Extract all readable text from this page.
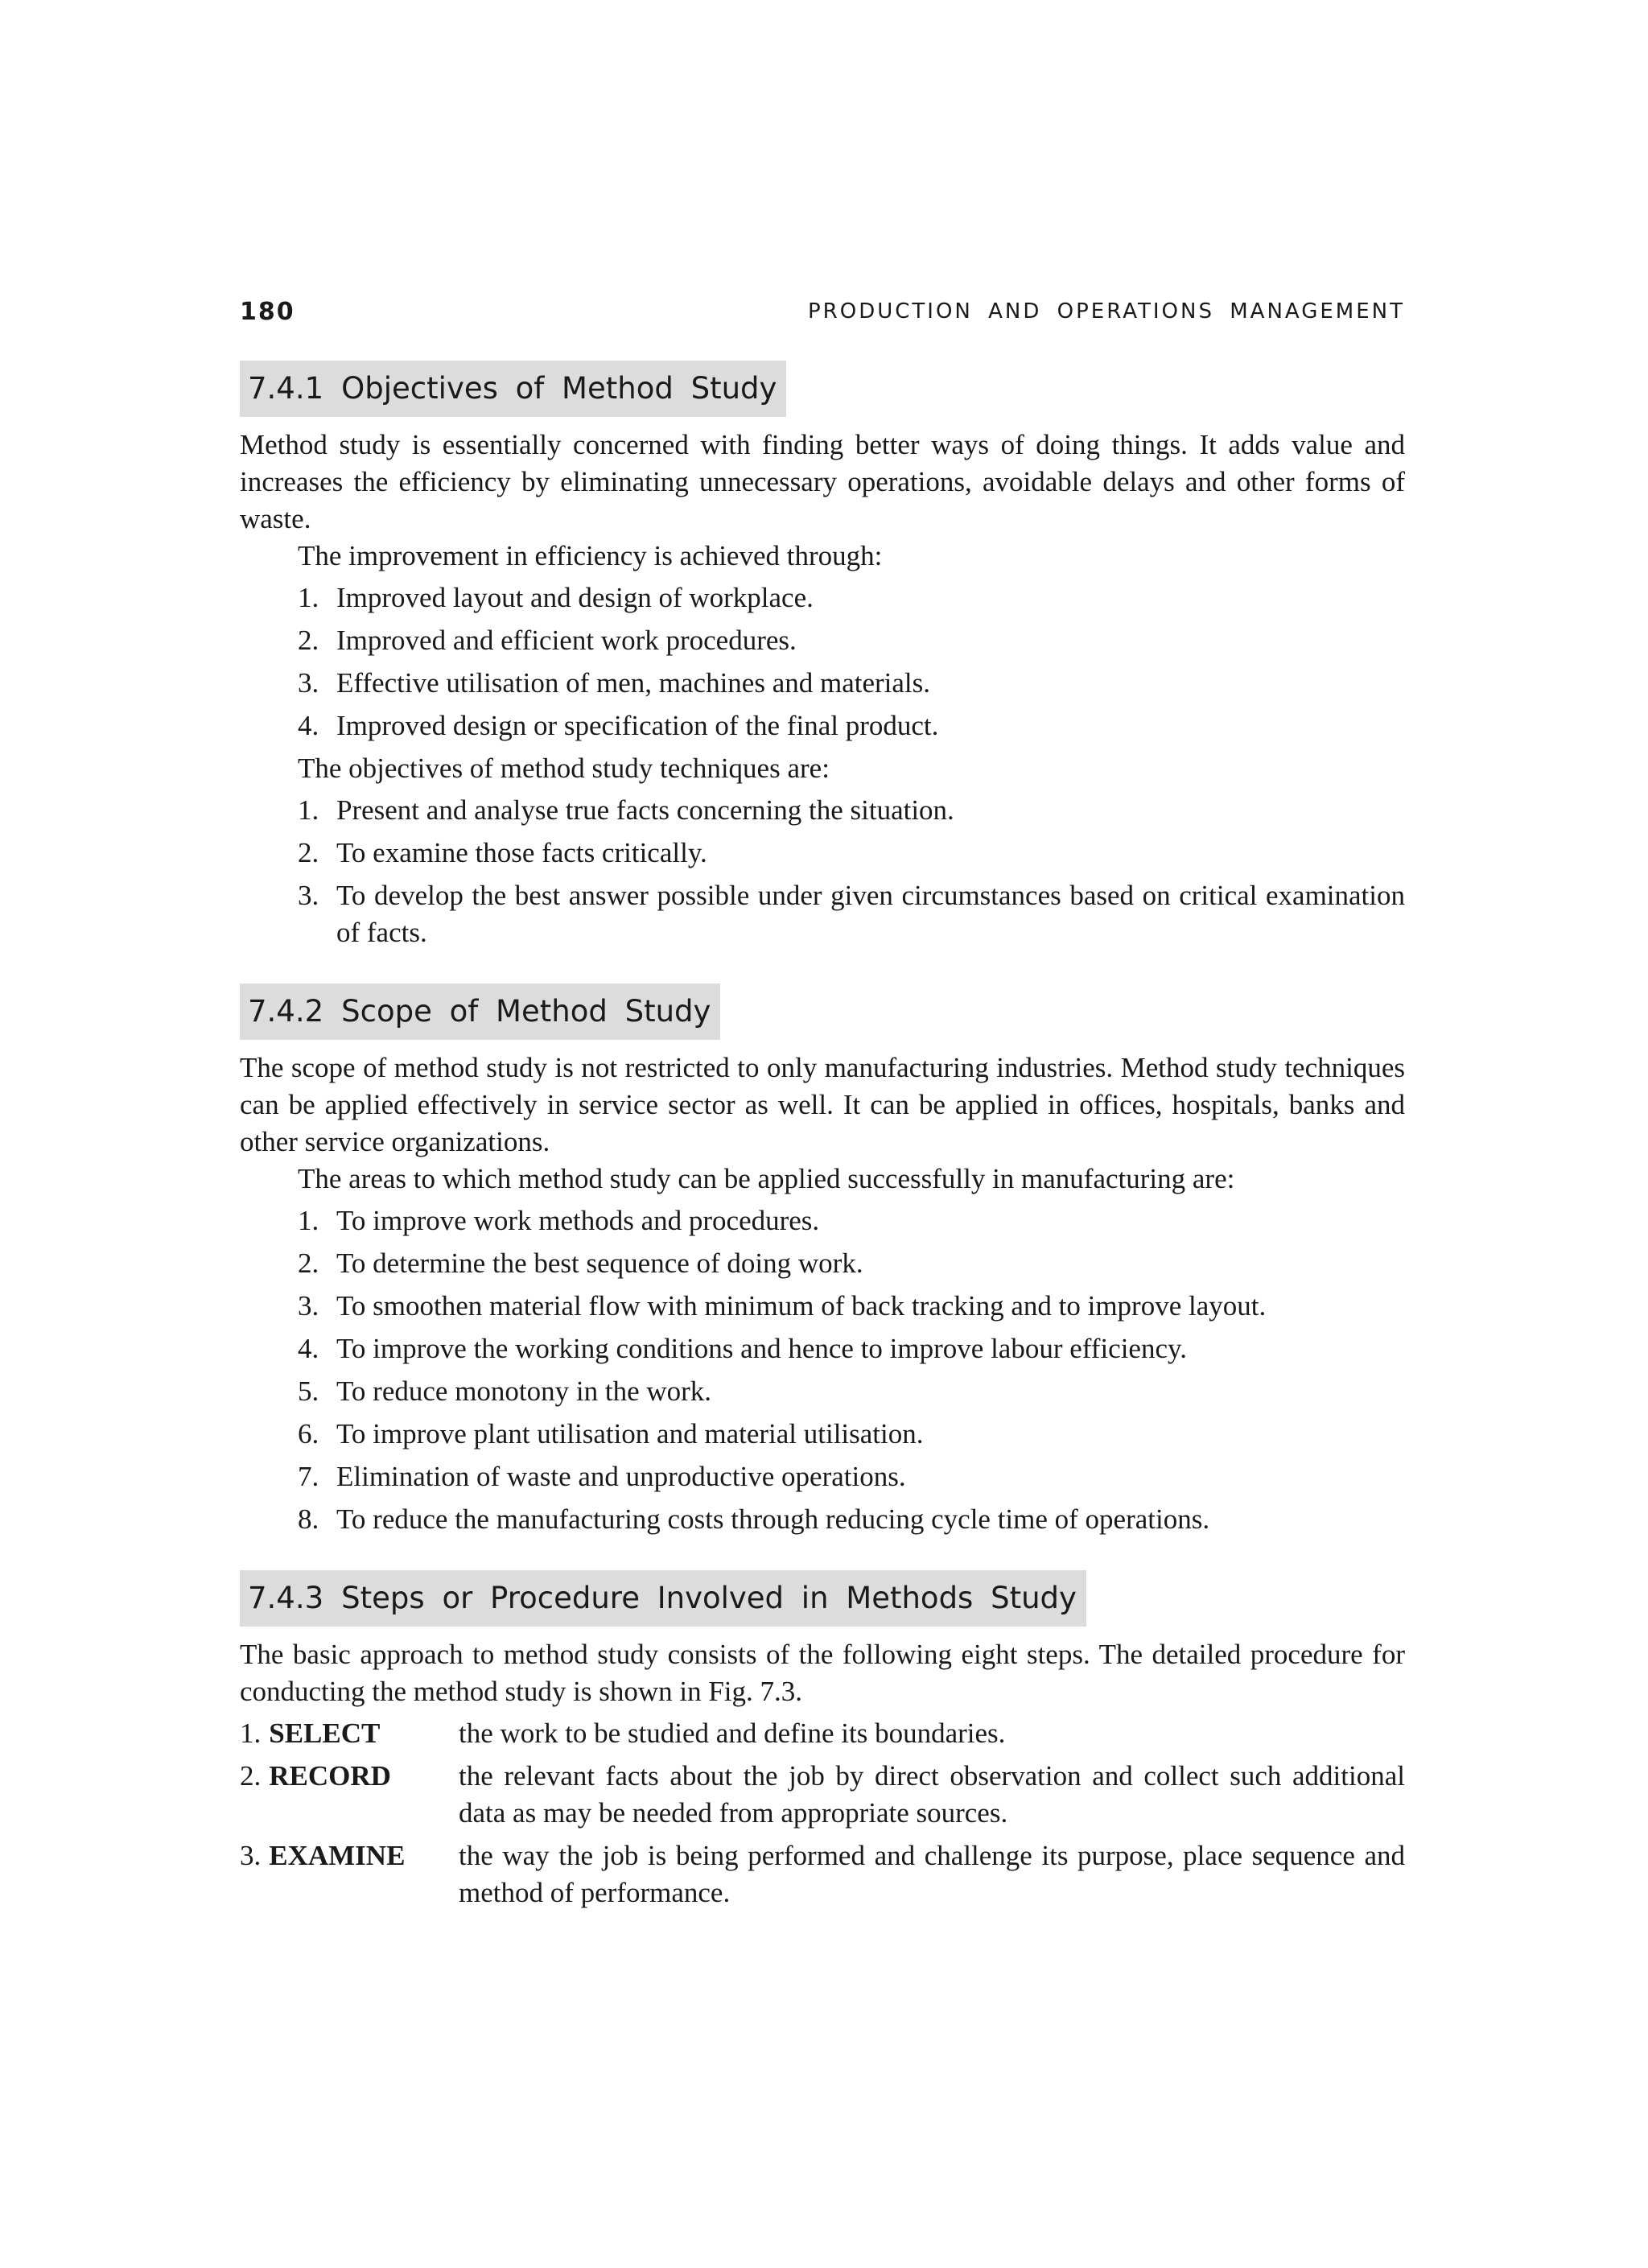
180	PRODUCTION AND OPERATIONS MANAGEMENT
7.4.1 Objectives of Method Study

Method study is essentially concerned with finding better ways of doing things. It adds value and increases the efficiency by eliminating unnecessary operations, avoidable delays and other forms of waste.

The improvement in efficiency is achieved through:

1. Improved layout and design of workplace.
2. Improved and efficient work procedures.
3. Effective utilisation of men, machines and materials.
4. Improved design or specification of the final product.

The objectives of method study techniques are:

1. Present and analyse true facts concerning the situation.
2. To examine those facts critically.
3. To develop the best answer possible under given circumstances based on critical examination of facts.
7.4.2 Scope of Method Study

The scope of method study is not restricted to only manufacturing industries. Method study techniques can be applied effectively in service sector as well. It can be applied in offices, hospitals, banks and other service organizations.

The areas to which method study can be applied successfully in manufacturing are:

1. To improve work methods and procedures.
2. To determine the best sequence of doing work.
3. To smoothen material flow with minimum of back tracking and to improve layout.
4. To improve the working conditions and hence to improve labour efficiency.
5. To reduce monotony in the work.
6. To improve plant utilisation and material utilisation.
7. Elimination of waste and unproductive operations.
8. To reduce the manufacturing costs through reducing cycle time of operations.
7.4.3 Steps or Procedure Involved in Methods Study

The basic approach to method study consists of the following eight steps. The detailed procedure for conducting the method study is shown in Fig. 7.3.

1. SELECT	the work to be studied and define its boundaries.
2. RECORD the relevant facts about the job by direct observation and collect such additional data as may be needed from appropriate sources.
3. EXAMINE the way the job is being performed and challenge its purpose, place sequence and method of performance.
